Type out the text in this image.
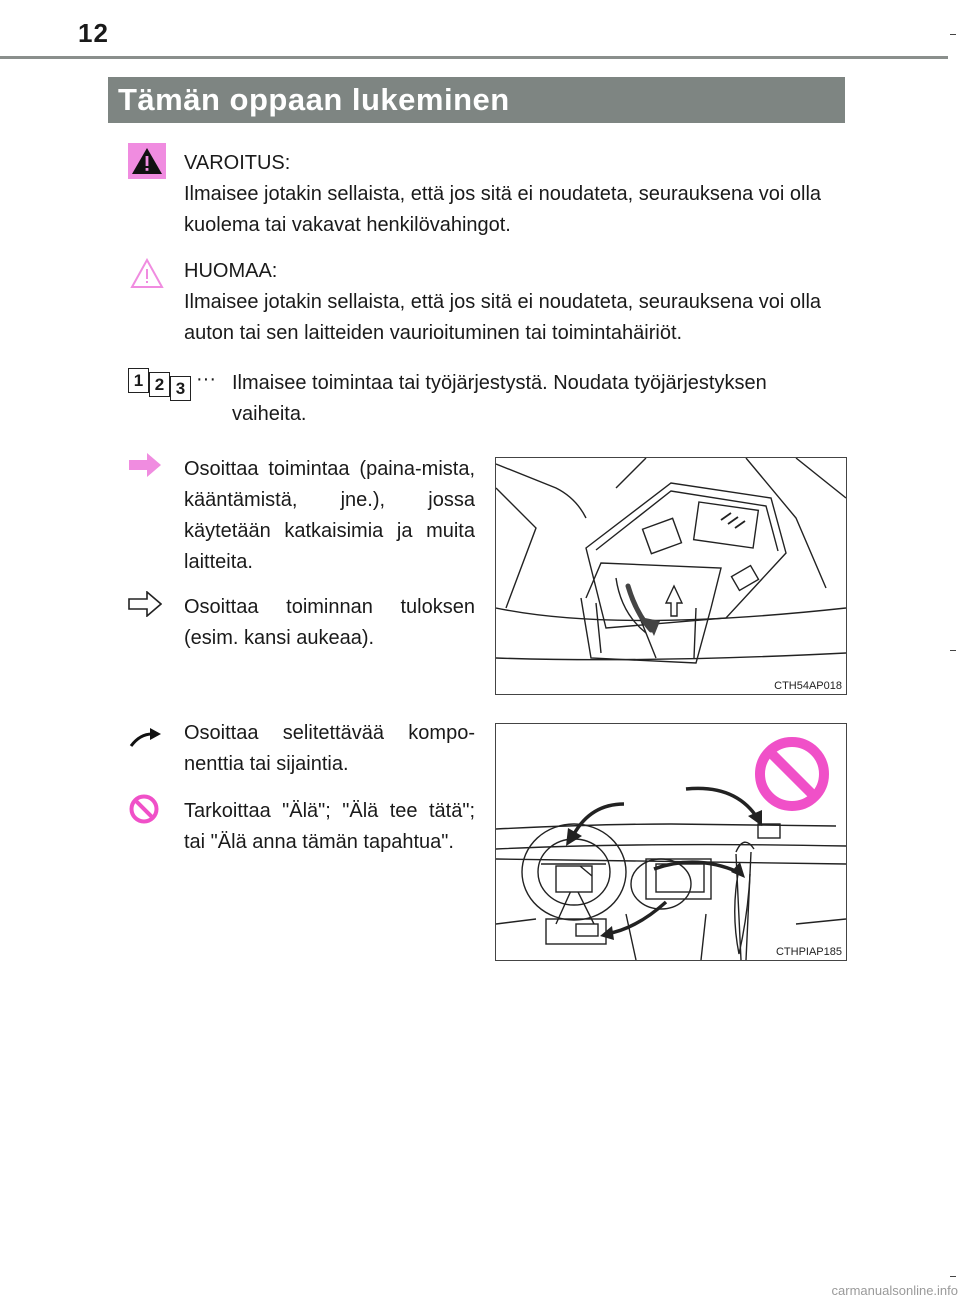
12
Tämän oppaan lukeminen

VAROITUS:

Ilmaisee jotakin sellaista, että jos sitä ei noudateta, seurauksena voi olla kuolema tai vakavat henkilövahingot.

HUOMAA:

Ilmaisee jotakin sellaista, että jos sitä ei noudateta, seurauksena voi olla auton tai sen laitteiden vaurioituminen tai toimintahäiriöt.

1 2 3 ··· Ilmaisee toimintaa tai työjärjestystä. Noudata työjärjestyksen vaiheita.
Osoittaa toimintaa (paina-mista, kääntämistä, jne.), jossa käytetään katkaisimia ja muita laitteita.
Osoittaa toiminnan tuloksen (esim. kansi aukeaa).
Osoittaa selitettävää kompo-nenttia tai sijaintia.
Tarkoittaa "Älä"; "Älä tee tätä"; tai "Älä anna tämän tapahtua".
CTH54AP018
CTHPIAP185
carmanualsonline.info
